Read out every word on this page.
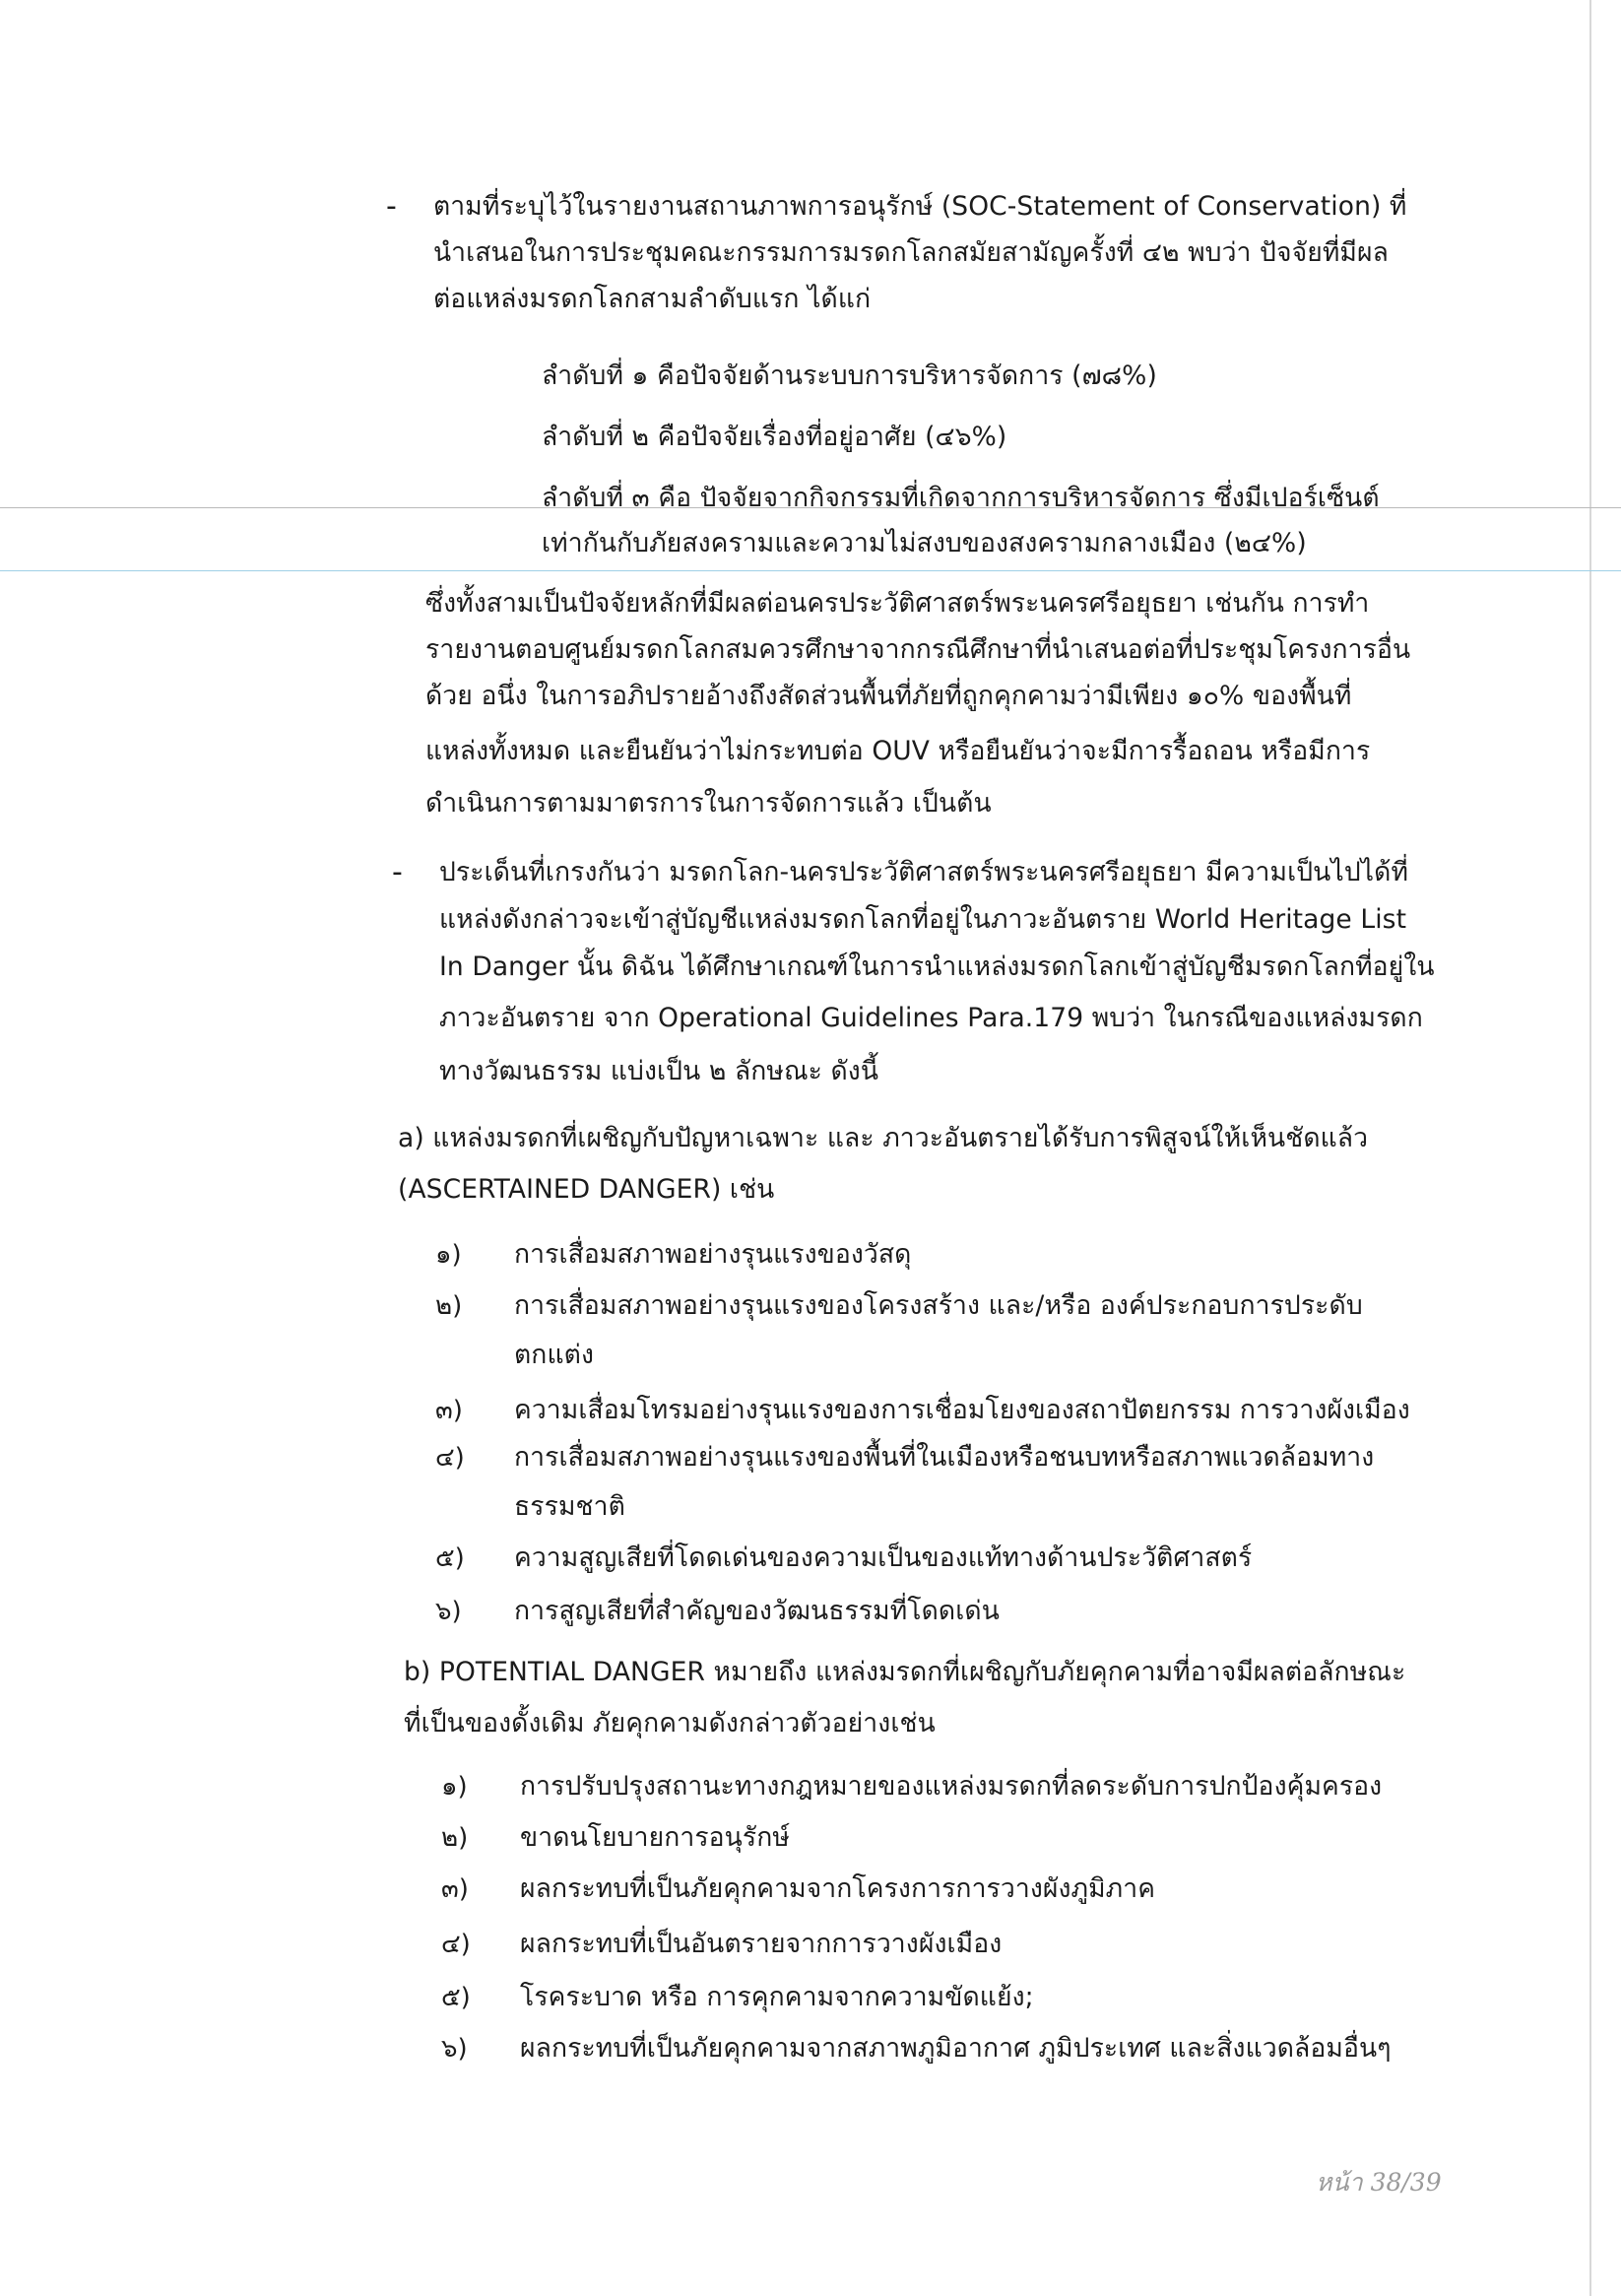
- ตามที่ระบุไว้ในรายงานสถานภาพการอนุรักษ์ (SOC-Statement of Conservation) ที่
นำเสนอในการประชุมคณะกรรมการมรดกโลกสมัยสามัญครั้งที่ ๔๒ พบว่า ปัจจัยที่มีผล
ต่อแหล่งมรดกโลกสามลำดับแรก ได้แก่
ลำดับที่ ๑ คือปัจจัยด้านระบบการบริหารจัดการ (๗๘%)
ลำดับที่ ๒ คือปัจจัยเรื่องที่อยู่อาศัย (๔๖%)
ลำดับที่ ๓ คือ ปัจจัยจากกิจกรรมที่เกิดจากการบริหารจัดการ ซึ่งมีเปอร์เซ็นต์
เท่ากันกับภัยสงครามและความไม่สงบของสงครามกลางเมือง (๒๔%)
ซึ่งทั้งสามเป็นปัจจัยหลักที่มีผลต่อนครประวัติศาสตร์พระนครศรีอยุธยา เช่นกัน การทำ
รายงานตอบศูนย์มรดกโลกสมควรศึกษาจากกรณีศึกษาที่นำเสนอต่อที่ประชุมโครงการอื่น
ด้วย อนึ่ง ในการอภิปรายอ้างถึงสัดส่วนพื้นที่ภัยที่ถูกคุกคามว่ามีเพียง ๑๐% ของพื้นที่
แหล่งทั้งหมด และยืนยันว่าไม่กระทบต่อ OUV หรือยืนยันว่าจะมีการรื้อถอน หรือมีการ
ดำเนินการตามมาตรการในการจัดการแล้ว เป็นต้น
- ประเด็นที่เกรงกันว่า มรดกโลก-นครประวัติศาสตร์พระนครศรีอยุธยา มีความเป็นไปได้ที่
แหล่งดังกล่าวจะเข้าสู่บัญชีแหล่งมรดกโลกที่อยู่ในภาวะอันตราย World Heritage List
In Danger นั้น ดิฉัน ได้ศึกษาเกณฑ์ในการนำแหล่งมรดกโลกเข้าสู่บัญชีมรดกโลกที่อยู่ใน
ภาวะอันตราย จาก Operational Guidelines Para.179 พบว่า ในกรณีของแหล่งมรดก
ทางวัฒนธรรม แบ่งเป็น ๒ ลักษณะ ดังนี้
a) แหล่งมรดกที่เผชิญกับปัญหาเฉพาะ และ ภาวะอันตรายได้รับการพิสูจน์ให้เห็นชัดแล้ว
(ASCERTAINED DANGER) เช่น
๑) การเสื่อมสภาพอย่างรุนแรงของวัสดุ
๒) การเสื่อมสภาพอย่างรุนแรงของโครงสร้าง และ/หรือ องค์ประกอบการประดับ
ตกแต่ง
๓) ความเสื่อมโทรมอย่างรุนแรงของการเชื่อมโยงของสถาปัตยกรรม การวางผังเมือง
๔) การเสื่อมสภาพอย่างรุนแรงของพื้นที่ในเมืองหรือชนบทหรือสภาพแวดล้อมทาง
ธรรมชาติ
๕) ความสูญเสียที่โดดเด่นของความเป็นของแท้ทางด้านประวัติศาสตร์
๖) การสูญเสียที่สำคัญของวัฒนธรรมที่โดดเด่น
b) POTENTIAL DANGER หมายถึง แหล่งมรดกที่เผชิญกับภัยคุกคามที่อาจมีผลต่อลักษณะ
ที่เป็นของดั้งเดิม ภัยคุกคามดังกล่าวตัวอย่างเช่น
๑) การปรับปรุงสถานะทางกฎหมายของแหล่งมรดกที่ลดระดับการปกป้องคุ้มครอง
๒) ขาดนโยบายการอนุรักษ์
๓) ผลกระทบที่เป็นภัยคุกคามจากโครงการการวางผังภูมิภาค
๔) ผลกระทบที่เป็นอันตรายจากการวางผังเมือง
๕) โรคระบาด หรือ การคุกคามจากความขัดแย้ง;
๖) ผลกระทบที่เป็นภัยคุกคามจากสภาพภูมิอากาศ ภูมิประเทศ และสิ่งแวดล้อมอื่นๆ
หน้า 38/39
